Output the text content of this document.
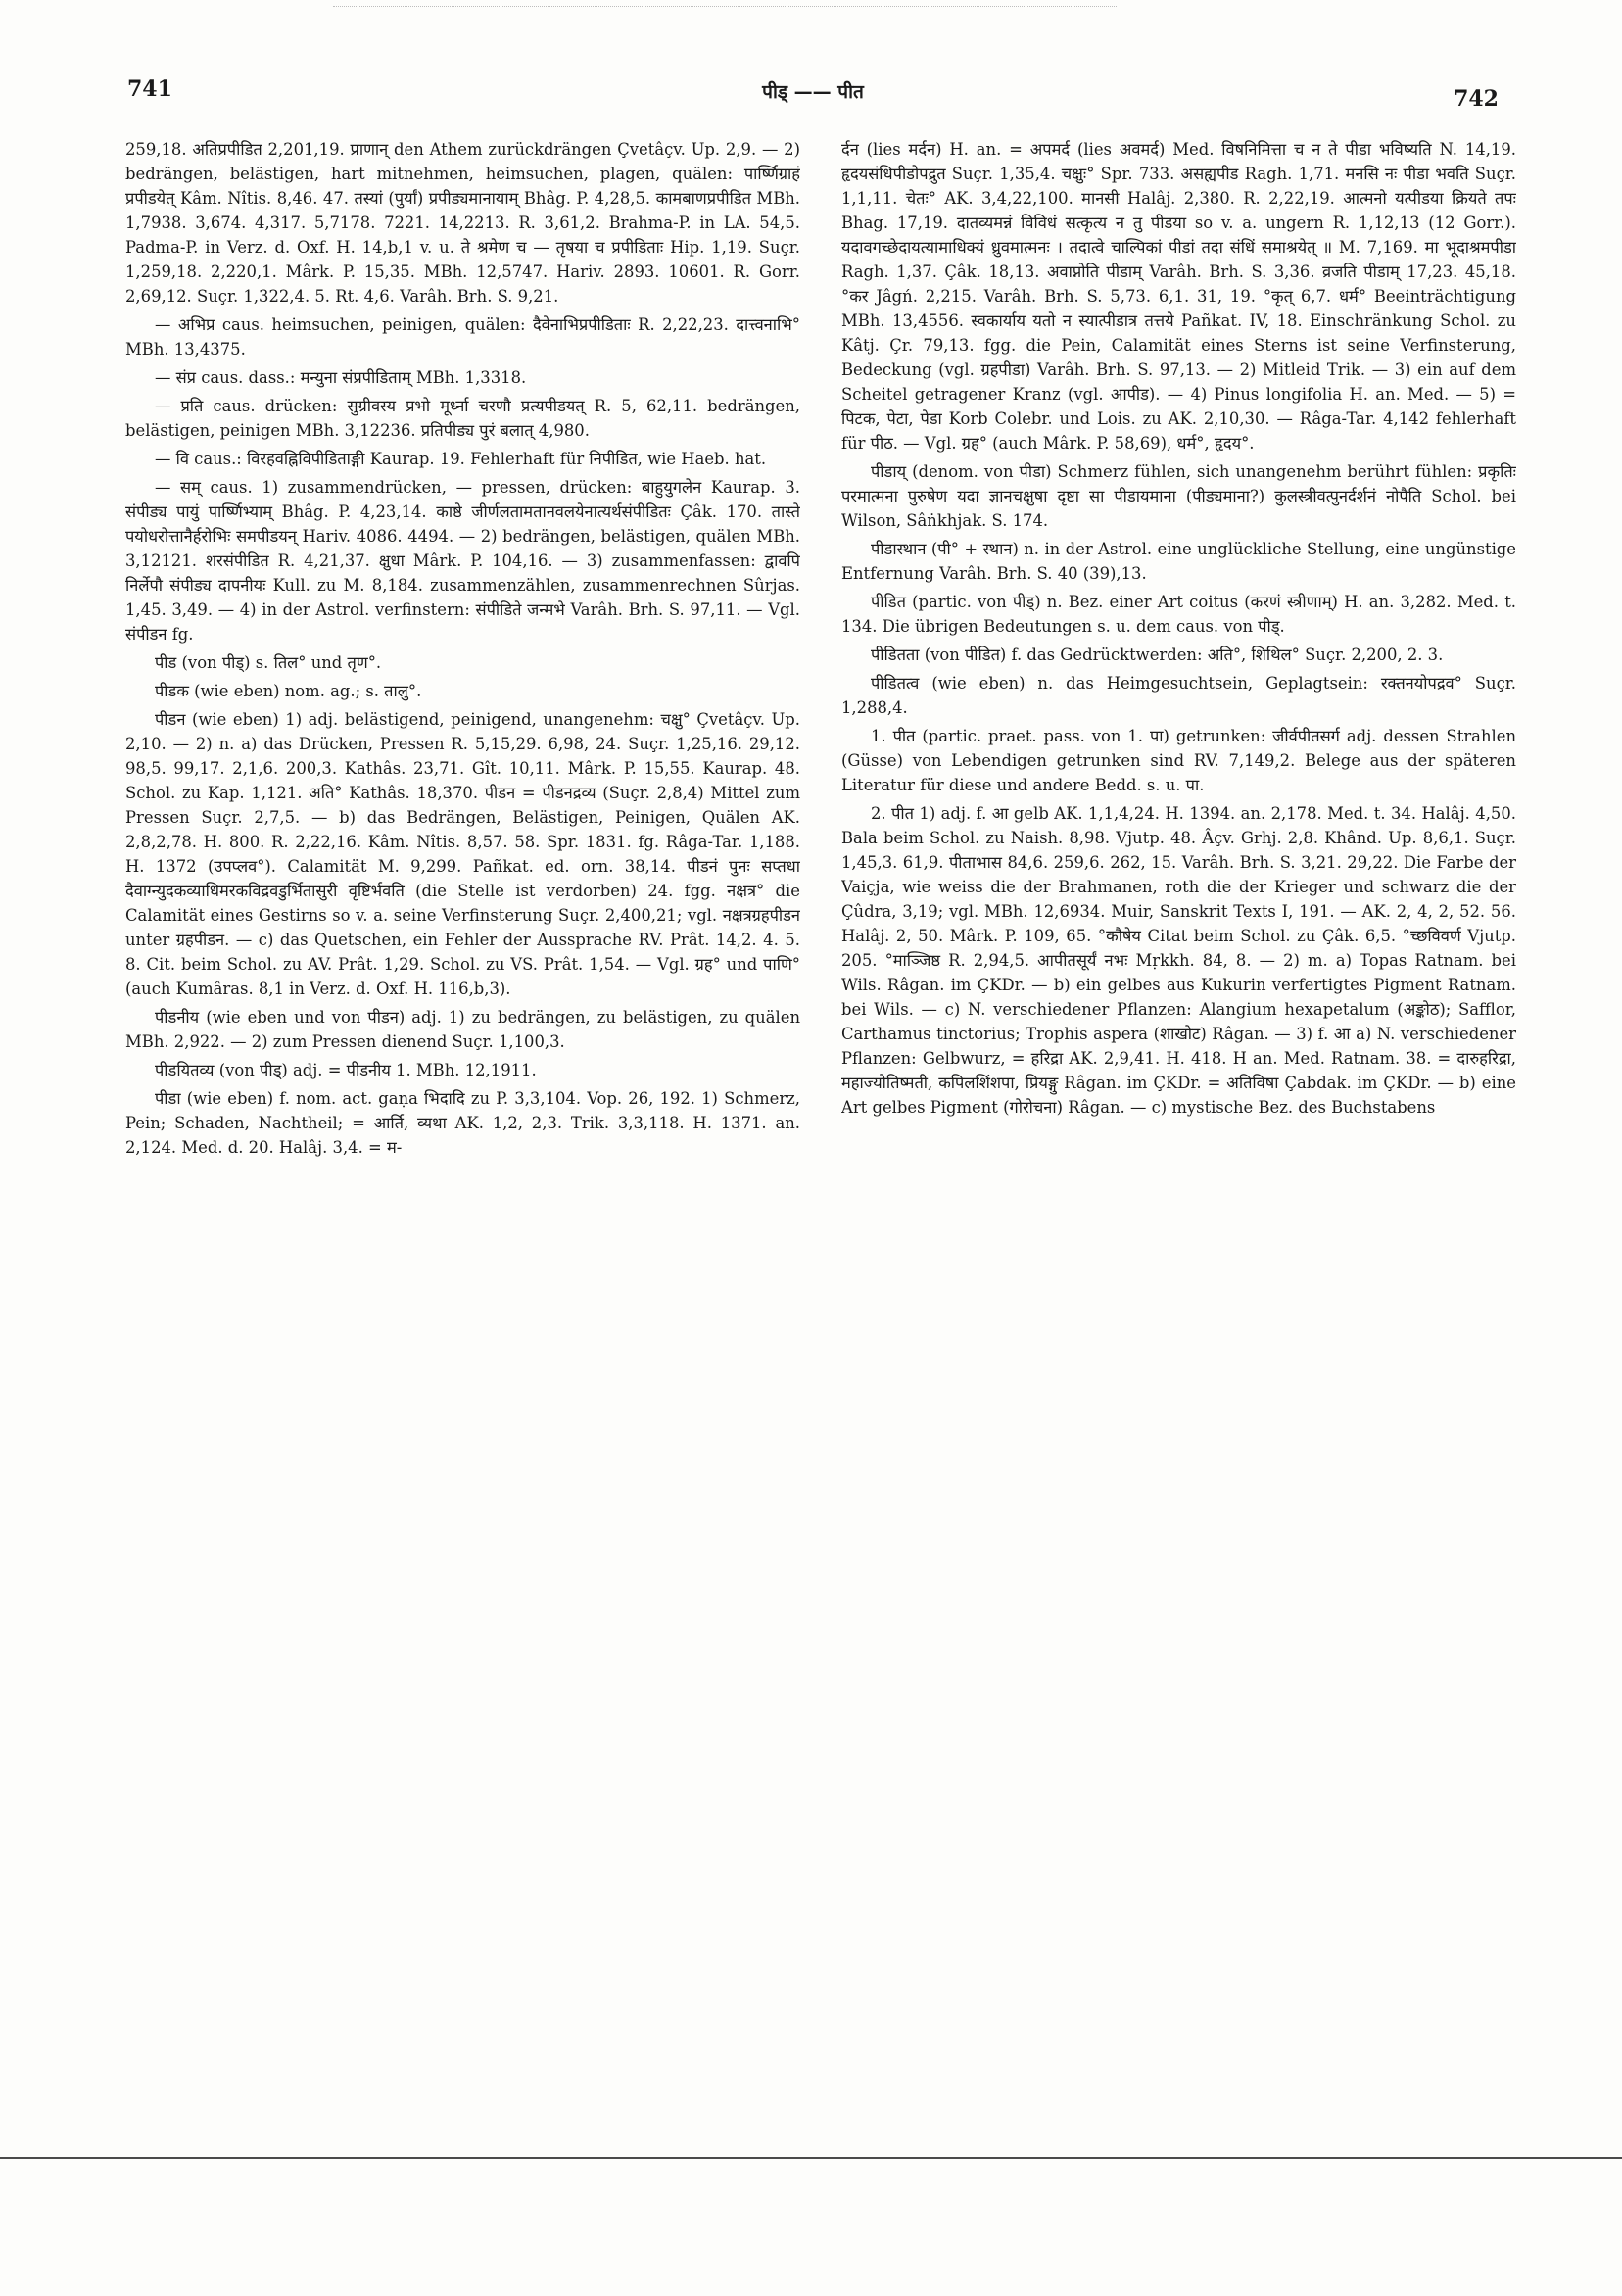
741	पीड् —— पीत	742

259,18. अतिप्रपीडित 2,201,19. प्राणान् den Athem zurückdrängen Çvetâçv. Up. 2,9. — 2) bedrängen, belästigen, hart mitnehmen, heimsuchen, plagen, quälen: पार्ष्णिग्राहं प्रपीडयेत् Kâm. Nîtis. 8,46. 47. तस्यां (पुर्यां) प्रपीड्यमानायाम् Bhâg. P. 4,28,5. कामबाणप्रपीडित MBh. 1,7938. 3,674. 4,317. 5,7178. 7221. 14,2213. R. 3,61,2. Brahma-P. in LA. 54,5. Padma-P. in Verz. d. Oxf. H. 14,b,1 v. u. ते श्रमेण च — तृषया च प्रपीडिताः Hip. 1,19. Suçr. 1,259,18. 2,220,1. Mârk. P. 15,35. MBh. 12,5747. Hariv. 2893. 10601. R. Gorr. 2,69,12. Suçr. 1,322,4. 5. Rt. 4,6. Varâh. Brh. S. 9,21.

— अभिप्र caus. heimsuchen, peinigen, quälen: दैवेनाभिप्रपीडिताः R. 2,22,23. दात्त्वनाभि° MBh. 13,4375.

— संप्र caus. dass.: मन्युना संप्रपीडिताम् MBh. 1,3318.

— प्रति caus. drücken: सुग्रीवस्य प्रभो मूर्ध्ना चरणौ प्रत्यपीडयत् R. 5, 62,11. bedrängen, belästigen, peinigen MBh. 3,12236. प्रतिपीड्य पुरं बलात् 4,980.

— वि caus.: विरहवह्निविपीडिताङ्गी Kaurap. 19. Fehlerhaft für निपीडित, wie Haeb. hat.

— सम् caus. 1) zusammendrücken, — pressen, drücken: बाहुयुगलेन Kaurap. 3. संपीड्य पायुं पार्ष्णिभ्याम् Bhâg. P. 4,23,14. काष्ठे जीर्णलतामतानवलयेनात्यर्थसंपीडितः Çâk. 170. तास्ते पयोधरोत्तानैर्हरोभिः समपीडयन् Hariv. 4086. 4494. — 2) bedrängen, belästigen, quälen MBh. 3,12121. शरसंपीडित R. 4,21,37. क्षुधा Mârk. P. 104,16. — 3) zusammenfassen: द्वावपि निर्लेपौ संपीड्य दापनीयः Kull. zu M. 8,184. zusammenzählen, zusammenrechnen Sûrjas. 1,45. 3,49. — 4) in der Astrol. verfinstern: संपीडिते जन्मभे Varâh. Brh. S. 97,11. — Vgl. संपीडन fg.

पीड (von पीड्) s. तिल° und तृण°.

पीडक (wie eben) nom. ag.; s. तालु°.

पीडन (wie eben) 1) adj. belästigend, peinigend, unangenehm: चक्षु° Çvetâçv. Up. 2,10. — 2) n. a) das Drücken, Pressen R. 5,15,29. 6,98, 24. Suçr. 1,25,16. 29,12. 98,5. 99,17. 2,1,6. 200,3. Kathâs. 23,71. Gît. 10,11. Mârk. P. 15,55. Kaurap. 48. Schol. zu Kap. 1,121. अति° Kathâs. 18,370. पीडन = पीडनद्रव्य (Suçr. 2,8,4) Mittel zum Pressen Suçr. 2,7,5. — b) das Bedrängen, Belästigen, Peinigen, Quälen AK. 2,8,2,78. H. 800. R. 2,22,16. Kâm. Nîtis. 8,57. 58. Spr. 1831. fg. Râga-Tar. 1,188. H. 1372 (उपप्लव°). Calamität M. 9,299. Pañkat. ed. orn. 38,14. पीडनं पुनः सप्तधा दैवाग्न्युदकव्याधिमरकविद्रवडुर्भितासुरी वृष्टिर्भवति (die Stelle ist verdorben) 24. fgg. नक्षत्र° die Calamität eines Gestirns so v. a. seine Verfinsterung Suçr. 2,400,21; vgl. नक्षत्रग्रहपीडन unter ग्रहपीडन. — c) das Quetschen, ein Fehler der Aussprache RV. Prât. 14,2. 4. 5. 8. Cit. beim Schol. zu AV. Prât. 1,29. Schol. zu VS. Prât. 1,54. — Vgl. ग्रह° und पाणि° (auch Kumâras. 8,1 in Verz. d. Oxf. H. 116,b,3).

पीडनीय (wie eben und von पीडन) adj. 1) zu bedrängen, zu belästigen, zu quälen MBh. 2,922. — 2) zum Pressen dienend Suçr. 1,100,3.

पीडयितव्य (von पीड्) adj. = पीडनीय 1. MBh. 12,1911.

पीडा (wie eben) f. nom. act. gaṇa भिदादि zu P. 3,3,104. Vop. 26, 192. 1) Schmerz, Pein; Schaden, Nachtheil; = आर्ति, व्यथा AK. 1,2, 2,3. Trik. 3,3,118. H. 1371. an. 2,124. Med. d. 20. Halâj. 3,4. = म-

र्दन (lies मर्दन) H. an. = अपमर्द (lies अवमर्द) Med. विषनिमित्ता च न ते पीडा भविष्यति N. 14,19. हृदयसंधिपीडोपद्रुत Suçr. 1,35,4. चक्षुः° Spr. 733. असह्यपीड Ragh. 1,71. मनसि नः पीडा भवति Suçr. 1,1,11. चेतः° AK. 3,4,22,100. मानसी Halâj. 2,380. R. 2,22,19. आत्मनो यत्पीडया क्रियते तपः Bhag. 17,19. दातव्यमन्नं विविधं सत्कृत्य न तु पीडया so v. a. ungern R. 1,12,13 (12 Gorr.). यदावगच्छेदायत्यामाधिक्यं ध्रुवमात्मनः । तदात्वे चाल्पिकां पीडां तदा संधिं समाश्रयेत् ॥ M. 7,169. मा भूदाश्रमपीडा Ragh. 1,37. Çâk. 18,13. अवाप्नोति पीडाम् Varâh. Brh. S. 3,36. व्रजति पीडाम् 17,23. 45,18. °कर Jâgń. 2,215. Varâh. Brh. S. 5,73. 6,1. 31, 19. °कृत् 6,7. धर्म° Beeinträchtigung MBh. 13,4556. स्वकार्याय यतो न स्यात्पीडात्र तत्तये Pañkat. IV, 18. Einschränkung Schol. zu Kâtj. Çr. 79,13. fgg. die Pein, Calamität eines Sterns ist seine Verfinsterung, Bedeckung (vgl. ग्रहपीडा) Varâh. Brh. S. 97,13. — 2) Mitleid Trik. — 3) ein auf dem Scheitel getragener Kranz (vgl. आपीड). — 4) Pinus longifolia H. an. Med. — 5) = पिटक, पेटा, पेडा Korb Colebr. und Lois. zu AK. 2,10,30. — Râga-Tar. 4,142 fehlerhaft für पीठ. — Vgl. ग्रह° (auch Mârk. P. 58,69), धर्म°, हृदय°.

पीडाय् (denom. von पीडा) Schmerz fühlen, sich unangenehm berührt fühlen: प्रकृतिः परमात्मना पुरुषेण यदा ज्ञानचक्षुषा दृष्टा सा पीडायमाना (पीड्यमाना?) कुलस्त्रीवत्पुनर्दर्शनं नोपैति Schol. bei Wilson, Sâṅkhjak. S. 174.

पीडास्थान (पी° + स्थान) n. in der Astrol. eine unglückliche Stellung, eine ungünstige Entfernung Varâh. Brh. S. 40 (39),13.

पीडित (partic. von पीड्) n. Bez. einer Art coitus (करणं स्त्रीणाम्) H. an. 3,282. Med. t. 134. Die übrigen Bedeutungen s. u. dem caus. von पीड्.

पीडितता (von पीडित) f. das Gedrücktwerden: अति°, शिथिल° Suçr. 2,200, 2. 3.

पीडितत्व (wie eben) n. das Heimgesuchtsein, Geplagtsein: रक्तनयोपद्रव° Suçr. 1,288,4.

1. पीत (partic. praet. pass. von 1. पा) getrunken: जीर्वपीतसर्ग adj. dessen Strahlen (Güsse) von Lebendigen getrunken sind RV. 7,149,2. Belege aus der späteren Literatur für diese und andere Bedd. s. u. पा.

2. पीत 1) adj. f. आ gelb AK. 1,1,4,24. H. 1394. an. 2,178. Med. t. 34. Halâj. 4,50. Bala beim Schol. zu Naish. 8,98. Vjutp. 48. Âçv. Grhj. 2,8. Khând. Up. 8,6,1. Suçr. 1,45,3. 61,9. पीताभास 84,6. 259,6. 262, 15. Varâh. Brh. S. 3,21. 29,22. Die Farbe der Vaiçja, wie weiss die der Brahmanen, roth die der Krieger und schwarz die der Çûdra, 3,19; vgl. MBh. 12,6934. Muir, Sanskrit Texts I, 191. — AK. 2, 4, 2, 52. 56. Halâj. 2, 50. Mârk. P. 109, 65. °कौषेय Citat beim Schol. zu Çâk. 6,5. °च्छविवर्ण Vjutp. 205. °माञ्जिष्ठ R. 2,94,5. आपीतसूर्यं नभः Mṛkkh. 84, 8. — 2) m. a) Topas Ratnam. bei Wils. Râgan. im ÇKDr. — b) ein gelbes aus Kukurin verfertigtes Pigment Ratnam. bei Wils. — c) N. verschiedener Pflanzen: Alangium hexapetalum (अङ्कोठ); Safflor, Carthamus tinctorius; Trophis aspera (शाखोट) Râgan. — 3) f. आ a) N. verschiedener Pflanzen: Gelbwurz, = हरिद्रा AK. 2,9,41. H. 418. H an. Med. Ratnam. 38. = दारुहरिद्रा, महाज्योतिष्मती, कपिलशिंशपा, प्रियङ्गु Râgan. im ÇKDr. = अतिविषा Çabdak. im ÇKDr. — b) eine Art gelbes Pigment (गोरोचना) Râgan. — c) mystische Bez. des Buchstabens
